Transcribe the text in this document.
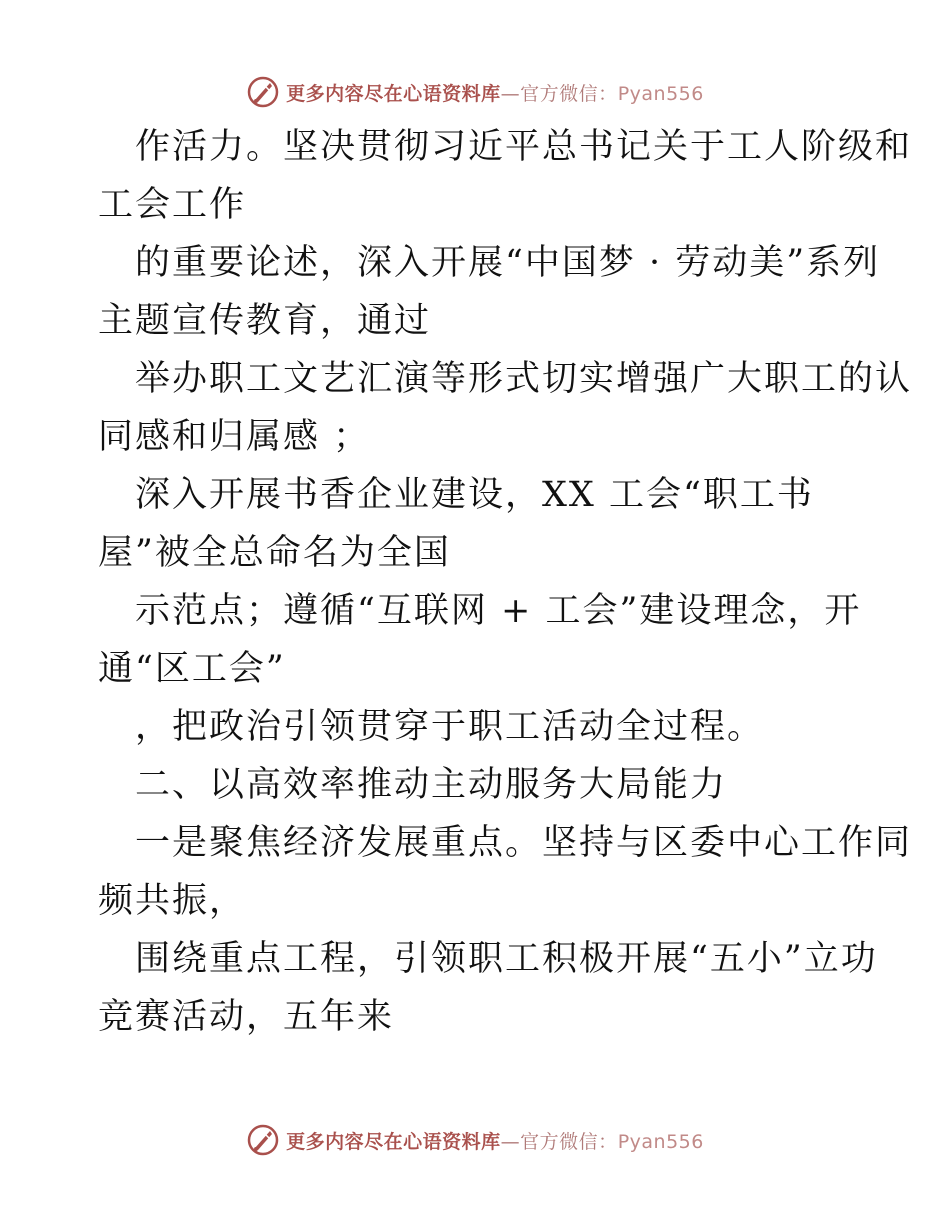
更多内容尽在心语资料库—官方微信：Pyan556
作活力。坚决贯彻习近平总书记关于工人阶级和
工会工作
的重要论述，深入开展“中国梦 · 劳动美”系列
主题宣传教育，通过
举办职工文艺汇演等形式切实增强广大职工的认
同感和归属感 ；
深入开展书香企业建设，XX 工会“职工书
屋”被全总命名为全国
示范点；遵循“互联网 + 工会”建设理念，开
通“区工会”
，把政治引领贯穿于职工活动全过程。
二、以高效率推动主动服务大局能力
一是聚焦经济发展重点。坚持与区委中心工作同
频共振，
围绕重点工程，引领职工积极开展“五小”立功
竞赛活动，五年来
更多内容尽在心语资料库—官方微信：Pyan556
